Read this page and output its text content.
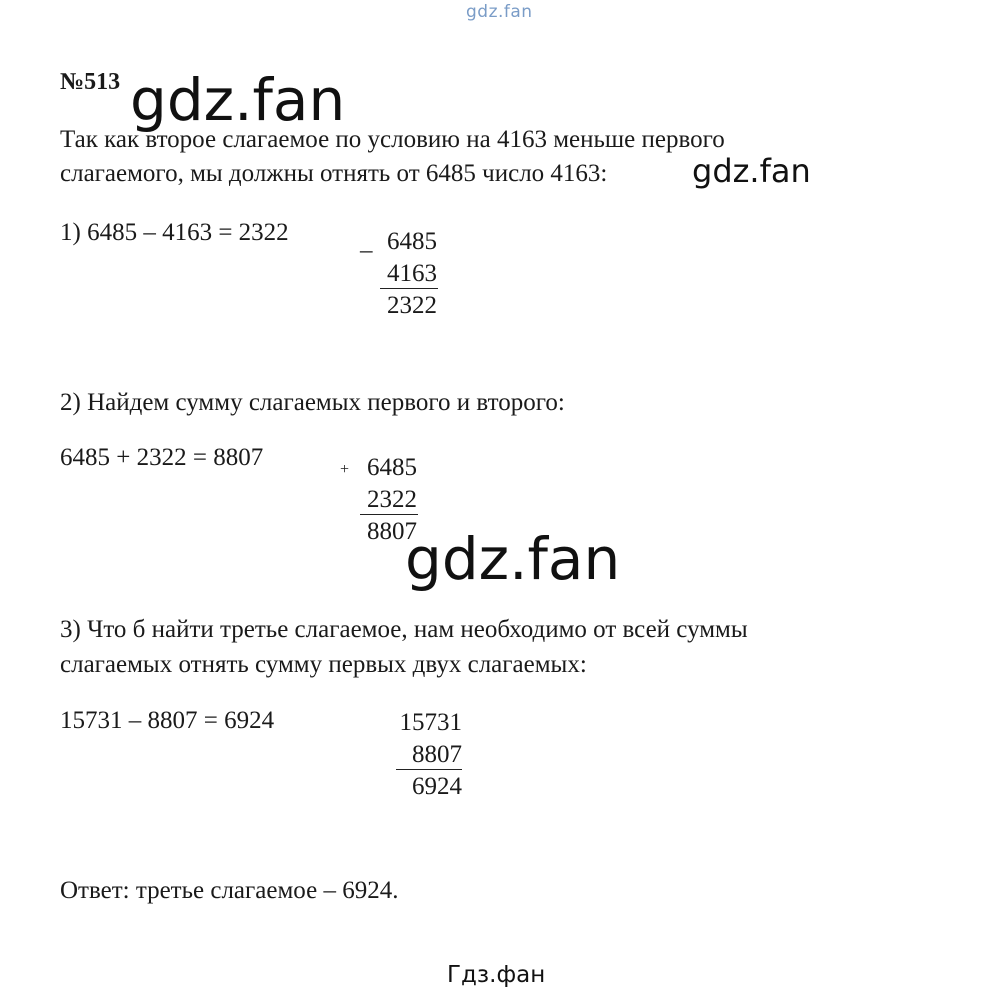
gdz.fan
№513 gdz.fan
Так как второе слагаемое по условию на 4163 меньше первого
слагаемого, мы должны отнять от 6485 число 4163:	gdz.fan
1) 6485 – 4163 = 2322
– 6485
4163
2322
2) Найдем сумму слагаемых первого и второго:
6485 + 2322 = 8807	+ 6485
2322
8807
gdz.fan
3) Что б найти третье слагаемое, нам необходимо от всей суммы
слагаемых отнять сумму первых двух слагаемых:
15731 – 8807 = 6924	15731
8807
6924
Ответ: третье слагаемое – 6924.
Гдз.фан
